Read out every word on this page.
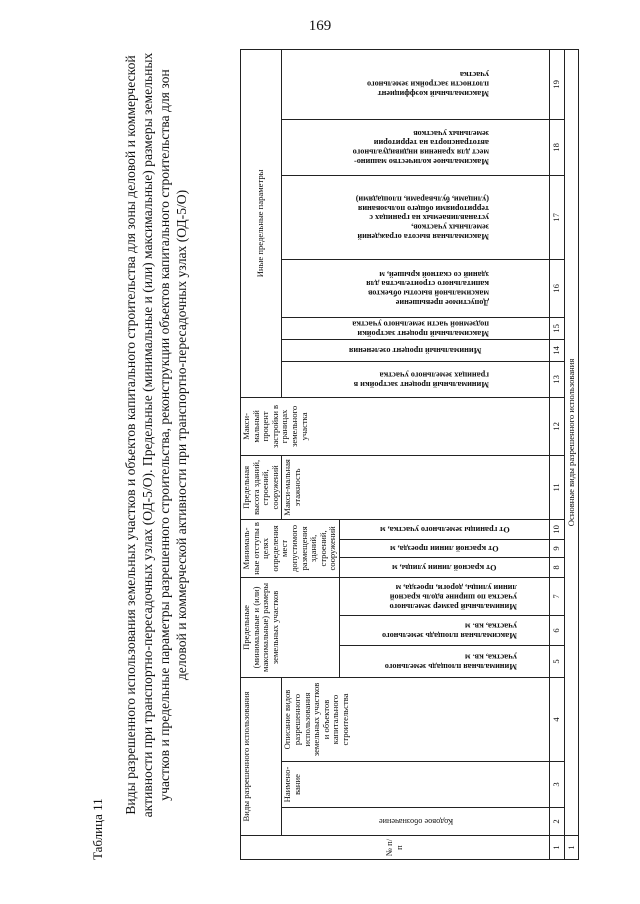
169
Таблица 11
Виды разрешенного использования земельных участков и объектов капитального строительства для зоны деловой и коммерческой активности при транспортно-пересадочных узлах (ОД-5/О). Предельные (минимальные и (или) максимальные) размеры земельных участков и предельные параметры разрешенного строительства, реконструкции объектов капитального строительства для зон деловой и коммерческой активности при транспортно-пересадочных узлах (ОД-5/О)
№ п/п	Виды разрешенного использования			Предельные (минимальные и (или) максимальные) размеры земельных участков			Минималь-ные отступы в целях определения мест допустимого размещения зданий, строений, сооружений			Предельная высота зданий, строений, сооружений	Макси-мальный процент застройки в границах земельного участка	Иные предельные параметры						

	Кодовое обозначение	Наимено-вание	Описание видов разрешенного использования земельных участков и объектов капитального строительства							Макси-мальная этажность		Минимальный процент застройки в границах земельного участка	Минимальный процент озеленения	Максимальный процент застройки подземной части земельного участка	Допустимое превышение максимальной высоты объектов капитального строительства для зданий со скатной крышей, м	Максимальная высота ограждений земельных участков, устанавливаемых на границах с территориями общего пользования (улицами, бульварами, площадями)	Максимальное количество машино-мест для хранения индивидуального автотранспорта на территории земельных участков	Максимальный коэффициент плотности застройки земельного участка

				Минимальная площадь земельного участка, кв. м	Максимальная площадь земельного участка, кв. м	Минимальный размер земельного участка по ширине вдоль красной линии улицы, дороги, проезда, м	От красной линии улицы, м	От красной линии проезда, м	От границы земельного участка, м									

1	2	3	4	5	6	7	8	9	10	11	12	13	14	15	16	17	18	19
1	Основные виды разрешенного использования																	
